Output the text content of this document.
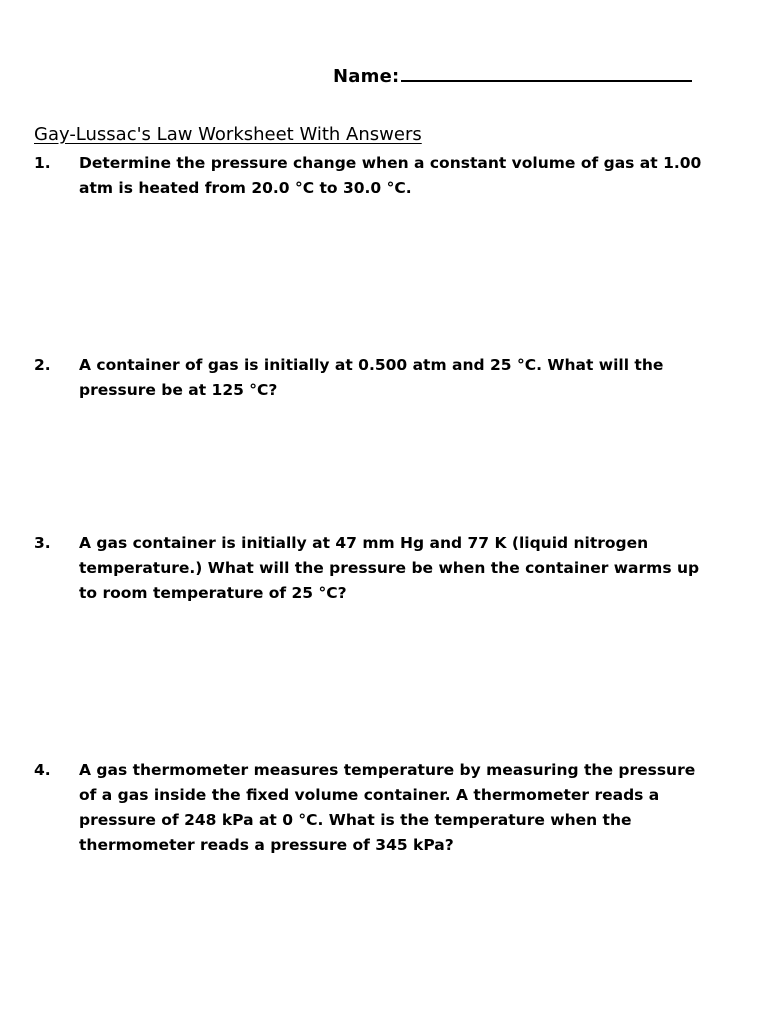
Name:
Gay-Lussac's Law Worksheet With Answers
1. Determine the pressure change when a constant volume of gas at 1.00
atm is heated from 20.0 °C to 30.0 °C.
2. A container of gas is initially at 0.500 atm and 25 °C. What will the
pressure be at 125 °C?
3. A gas container is initially at 47 mm Hg and 77 K (liquid nitrogen
temperature.) What will the pressure be when the container warms up
to room temperature of 25 °C?
4. A gas thermometer measures temperature by measuring the pressure
of a gas inside the fixed volume container. A thermometer reads a
pressure of 248 kPa at 0 °C. What is the temperature when the
thermometer reads a pressure of 345 kPa?
